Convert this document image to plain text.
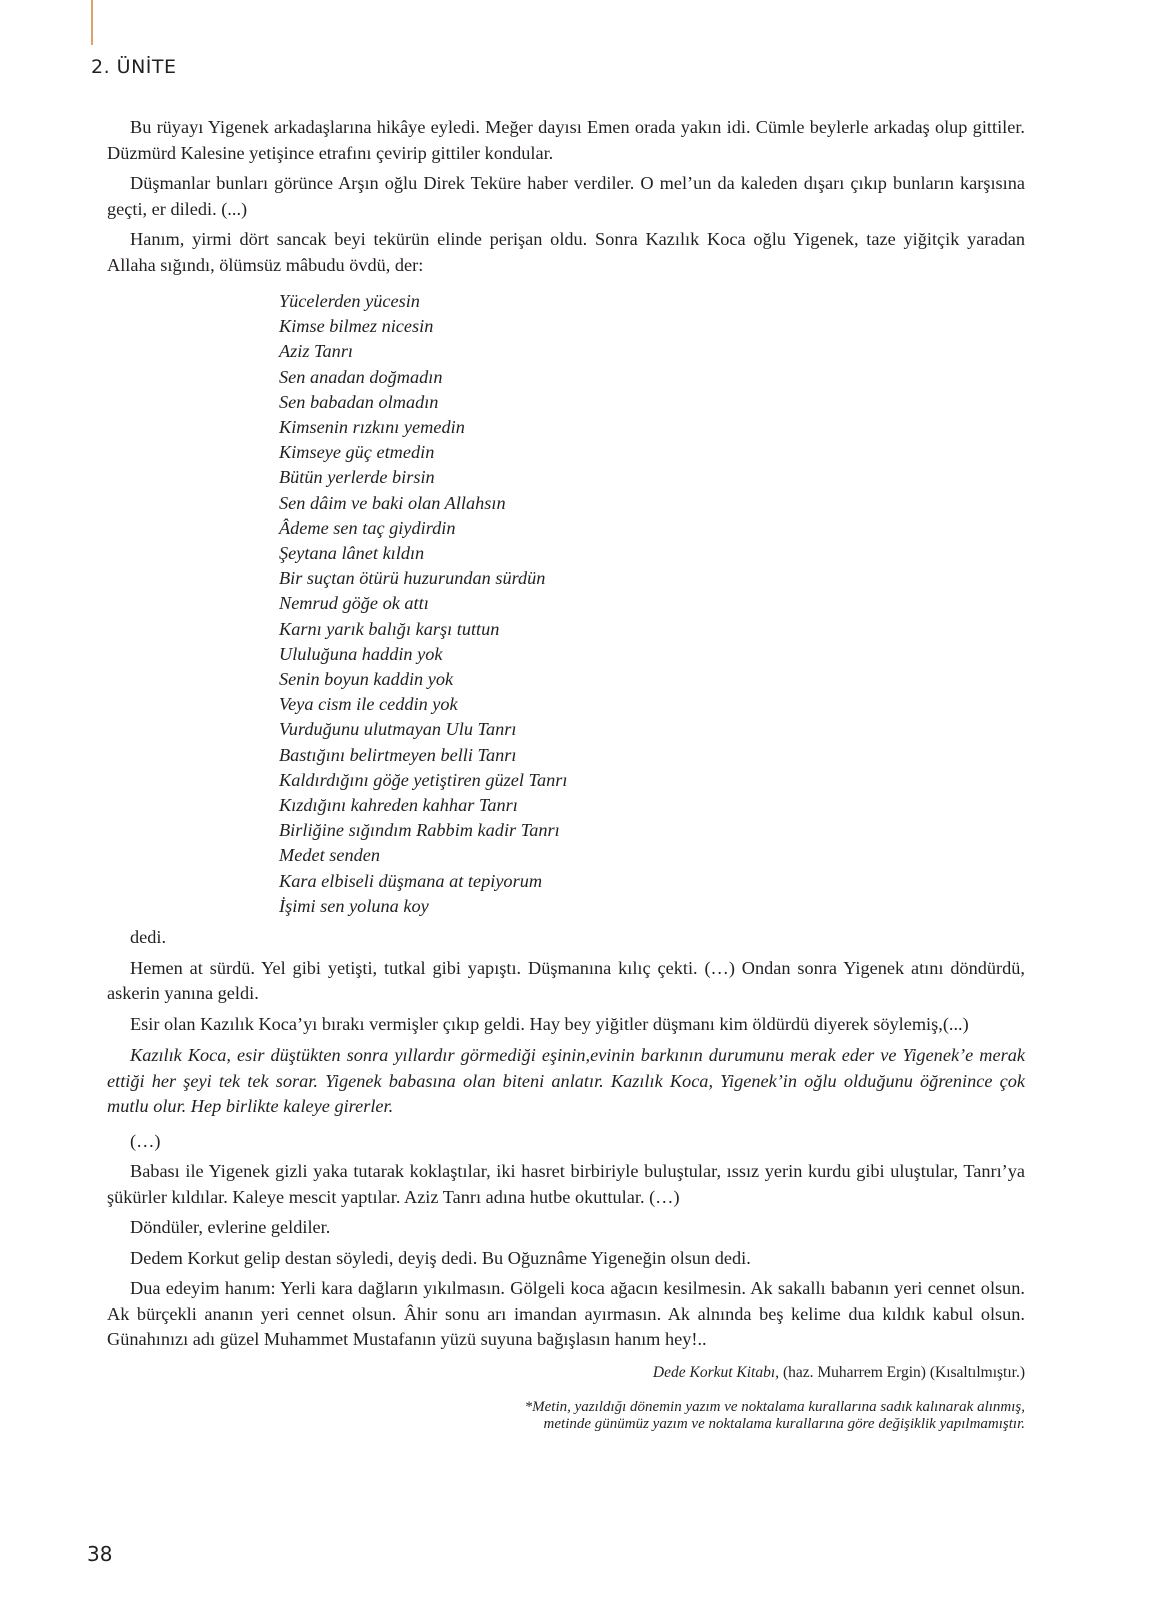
2. ÜNİTE

Bu rüyayı Yigenek arkadaşlarına hikâye eyledi. Meğer dayısı Emen orada yakın idi. Cümle beylerle arkadaş olup gittiler. Düzmürd Kalesine yetişince etrafını çevirip gittiler kondular.

Düşmanlar bunları görünce Arşın oğlu Direk Teküre haber verdiler. O mel’un da kaleden dışarı çıkıp bunların karşısına geçti, er diledi. (...)

Hanım, yirmi dört sancak beyi tekürün elinde perişan oldu. Sonra Kazılık Koca oğlu Yigenek, taze yiğitçik yaradan Allaha sığındı, ölümsüz mâbudu övdü, der:

Yücelerden yücesin
Kimse bilmez nicesin
Aziz Tanrı
Sen anadan doğmadın
Sen babadan olmadın
Kimsenin rızkını yemedin
Kimseye güç etmedin
Bütün yerlerde birsin
Sen dâim ve baki olan Allahsın
Âdeme sen taç giydirdin
Şeytana lânet kıldın
Bir suçtan ötürü huzurundan sürdün
Nemrud göğe ok attı
Karnı yarık balığı karşı tuttun
Ululuğuna haddin yok
Senin boyun kaddin yok
Veya cism ile ceddin yok
Vurduğunu ulutmayan Ulu Tanrı
Bastığını belirtmeyen belli Tanrı
Kaldırdığını göğe yetiştiren güzel Tanrı
Kızdığını kahreden kahhar Tanrı
Birliğine sığındım Rabbim kadir Tanrı
Medet senden
Kara elbiseli düşmana at tepiyorum
İşimi sen yoluna koy

dedi.

Hemen at sürdü. Yel gibi yetişti, tutkal gibi yapıştı. Düşmanına kılıç çekti. (…) Ondan sonra Yigenek atını döndürdü, askerin yanına geldi.

Esir olan Kazılık Koca’yı bırakı vermişler çıkıp geldi. Hay bey yiğitler düşmanı kim öldürdü diyerek söylemiş,(...)

Kazılık Koca, esir düştükten sonra yıllardır görmediği eşinin,evinin barkının durumunu merak eder ve Yigenek’e merak ettiği her şeyi tek tek sorar. Yigenek babasına olan biteni anlatır. Kazılık Koca, Yigenek’in oğlu olduğunu öğrenince çok mutlu olur. Hep birlikte kaleye girerler.

(…)

Babası ile Yigenek gizli yaka tutarak koklaştılar, iki hasret birbiriyle buluştular, ıssız yerin kurdu gibi uluştular, Tanrı’ya şükürler kıldılar. Kaleye mescit yaptılar. Aziz Tanrı adına hutbe okuttular. (…)

Döndüler, evlerine geldiler.

Dedem Korkut gelip destan söyledi, deyiş dedi. Bu Oğuznâme Yigeneğin olsun dedi.

Dua edeyim hanım: Yerli kara dağların yıkılmasın. Gölgeli koca ağacın kesilmesin. Ak sakallı babanın yeri cennet olsun. Ak bürçekli ananın yeri cennet olsun. Âhir sonu arı imandan ayırmasın. Ak alnında beş kelime dua kıldık kabul olsun. Günahınızı adı güzel Muhammet Mustafanın yüzü suyuna bağışlasın hanım hey!..

Dede Korkut Kitabı, (haz. Muharrem Ergin) (Kısaltılmıştır.)

*Metin, yazıldığı dönemin yazım ve noktalama kurallarına sadık kalınarak alınmış,
metinde günümüz yazım ve noktalama kurallarına göre değişiklik yapılmamıştır.

38
